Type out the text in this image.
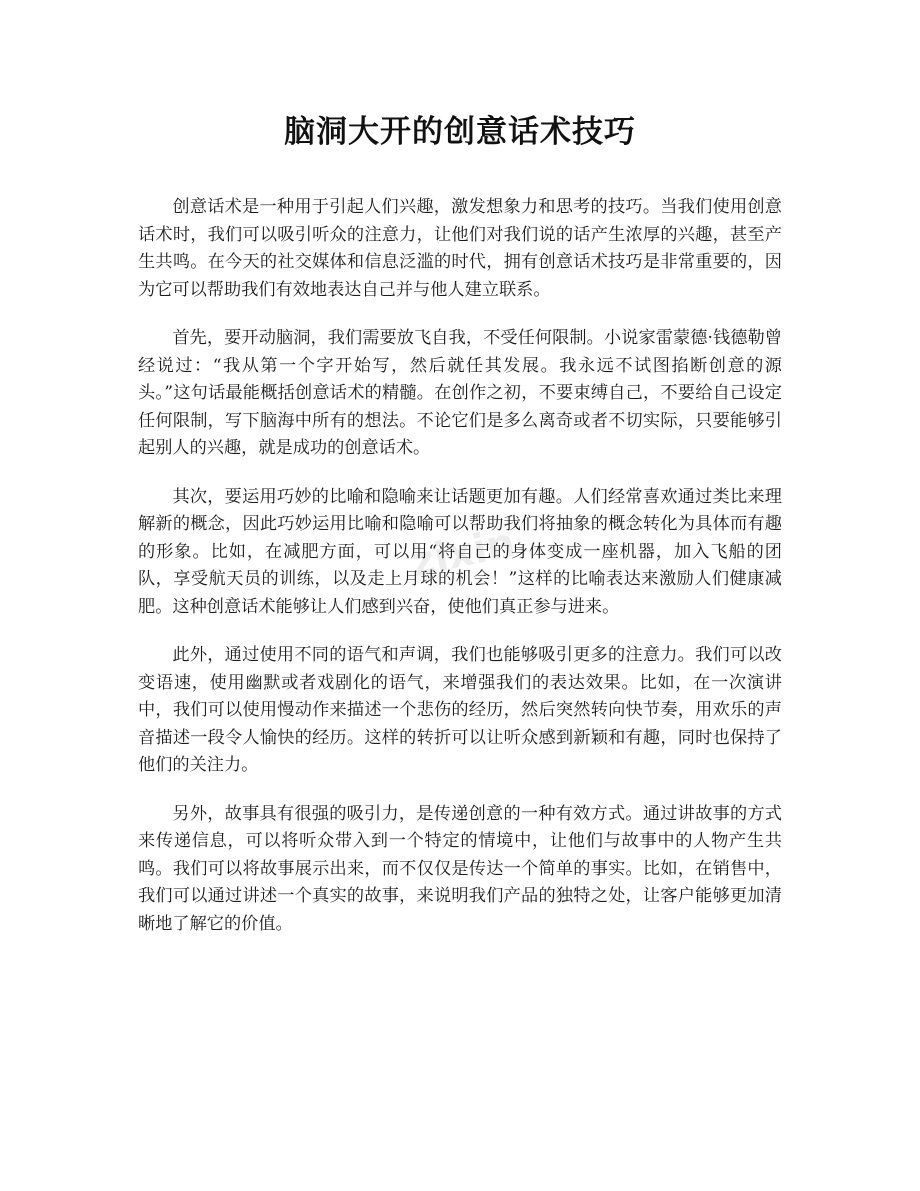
脑洞大开的创意话术技巧

创意话术是一种用于引起人们兴趣，激发想象力和思考的技巧。当我们使用创意话术时，我们可以吸引听众的注意力，让他们对我们说的话产生浓厚的兴趣，甚至产生共鸣。在今天的社交媒体和信息泛滥的时代，拥有创意话术技巧是非常重要的，因为它可以帮助我们有效地表达自己并与他人建立联系。

首先，要开动脑洞，我们需要放飞自我，不受任何限制。小说家雷蒙德·钱德勒曾经说过：“我从第一个字开始写，然后就任其发展。我永远不试图掐断创意的源头。”这句话最能概括创意话术的精髓。在创作之初，不要束缚自己，不要给自己设定任何限制，写下脑海中所有的想法。不论它们是多么离奇或者不切实际，只要能够引起别人的兴趣，就是成功的创意话术。

其次，要运用巧妙的比喻和隐喻来让话题更加有趣。人们经常喜欢通过类比来理解新的概念，因此巧妙运用比喻和隐喻可以帮助我们将抽象的概念转化为具体而有趣的形象。比如，在减肥方面，可以用“将自己的身体变成一座机器，加入飞船的团队，享受航天员的训练，以及走上月球的机会！”这样的比喻表达来激励人们健康减肥。这种创意话术能够让人们感到兴奋，使他们真正参与进来。

此外，通过使用不同的语气和声调，我们也能够吸引更多的注意力。我们可以改变语速，使用幽默或者戏剧化的语气，来增强我们的表达效果。比如，在一次演讲中，我们可以使用慢动作来描述一个悲伤的经历，然后突然转向快节奏，用欢乐的声音描述一段令人愉快的经历。这样的转折可以让听众感到新颖和有趣，同时也保持了他们的关注力。

另外，故事具有很强的吸引力，是传递创意的一种有效方式。通过讲故事的方式来传递信息，可以将听众带入到一个特定的情境中，让他们与故事中的人物产生共鸣。我们可以将故事展示出来，而不仅仅是传达一个简单的事实。比如，在销售中，我们可以通过讲述一个真实的故事，来说明我们产品的独特之处，让客户能够更加清晰地了解它的价值。

zixin
